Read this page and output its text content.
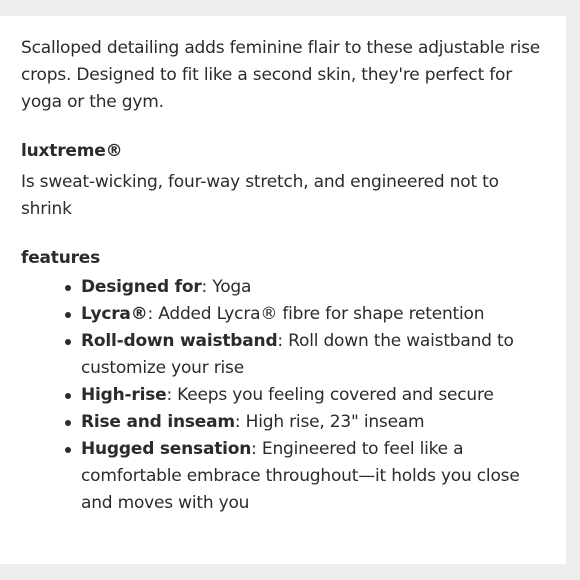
Scalloped detailing adds feminine flair to these adjustable rise crops. Designed to fit like a second skin, they're perfect for yoga or the gym.

luxtreme®

Is sweat-wicking, four-way stretch, and engineered not to shrink

features
Designed for: Yoga
Lycra®: Added Lycra® fibre for shape retention
Roll-down waistband: Roll down the waistband to customize your rise
High-rise: Keeps you feeling covered and secure
Rise and inseam: High rise, 23" inseam
Hugged sensation: Engineered to feel like a comfortable embrace throughout—it holds you close and moves with you
